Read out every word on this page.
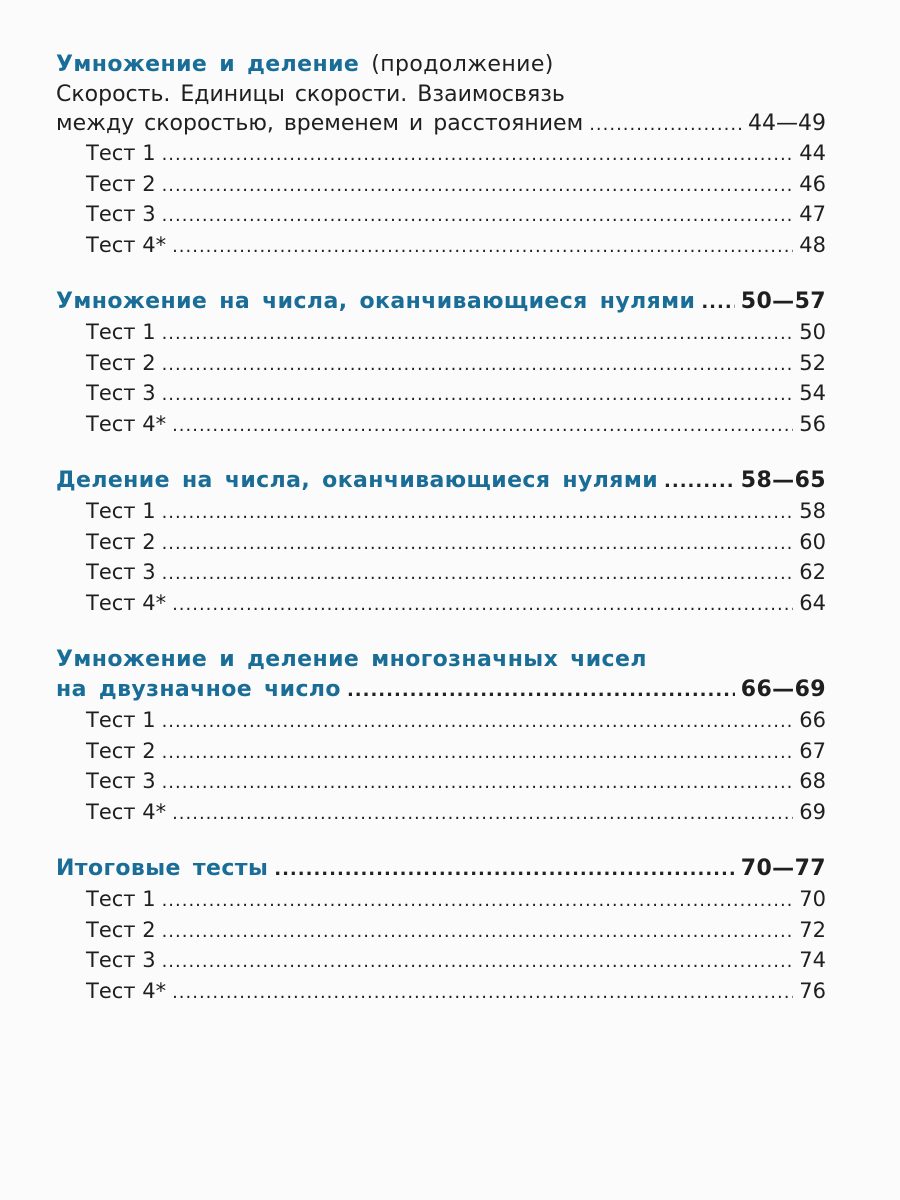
Умножение и деление (продолжение)
Скорость. Единицы скорости. Взаимосвязь
между скоростью, временем и расстоянием .....	44—49
Тест 1 .....	44
Тест 2 .....	46
Тест 3 .....	47
Тест 4* .....	48
Умножение на числа, оканчивающиеся нулями ..... 50—57
Тест 1 .....	50
Тест 2 .....	52
Тест 3 .....	54
Тест 4* .....	56
Деление на числа, оканчивающиеся нулями .....	58—65
Тест 1 .....	58
Тест 2 .....	60
Тест 3 .....	62
Тест 4* .....	64
Умножение и деление многозначных чисел
на двузначное число .....	66—69
Тест 1 .....	66
Тест 2 .....	67
Тест 3 .....	68
Тест 4* .....	69
Итоговые тесты .....	70—77
Тест 1 .....	70
Тест 2 .....	72
Тест 3 .....	74
Тест 4* .....	76
